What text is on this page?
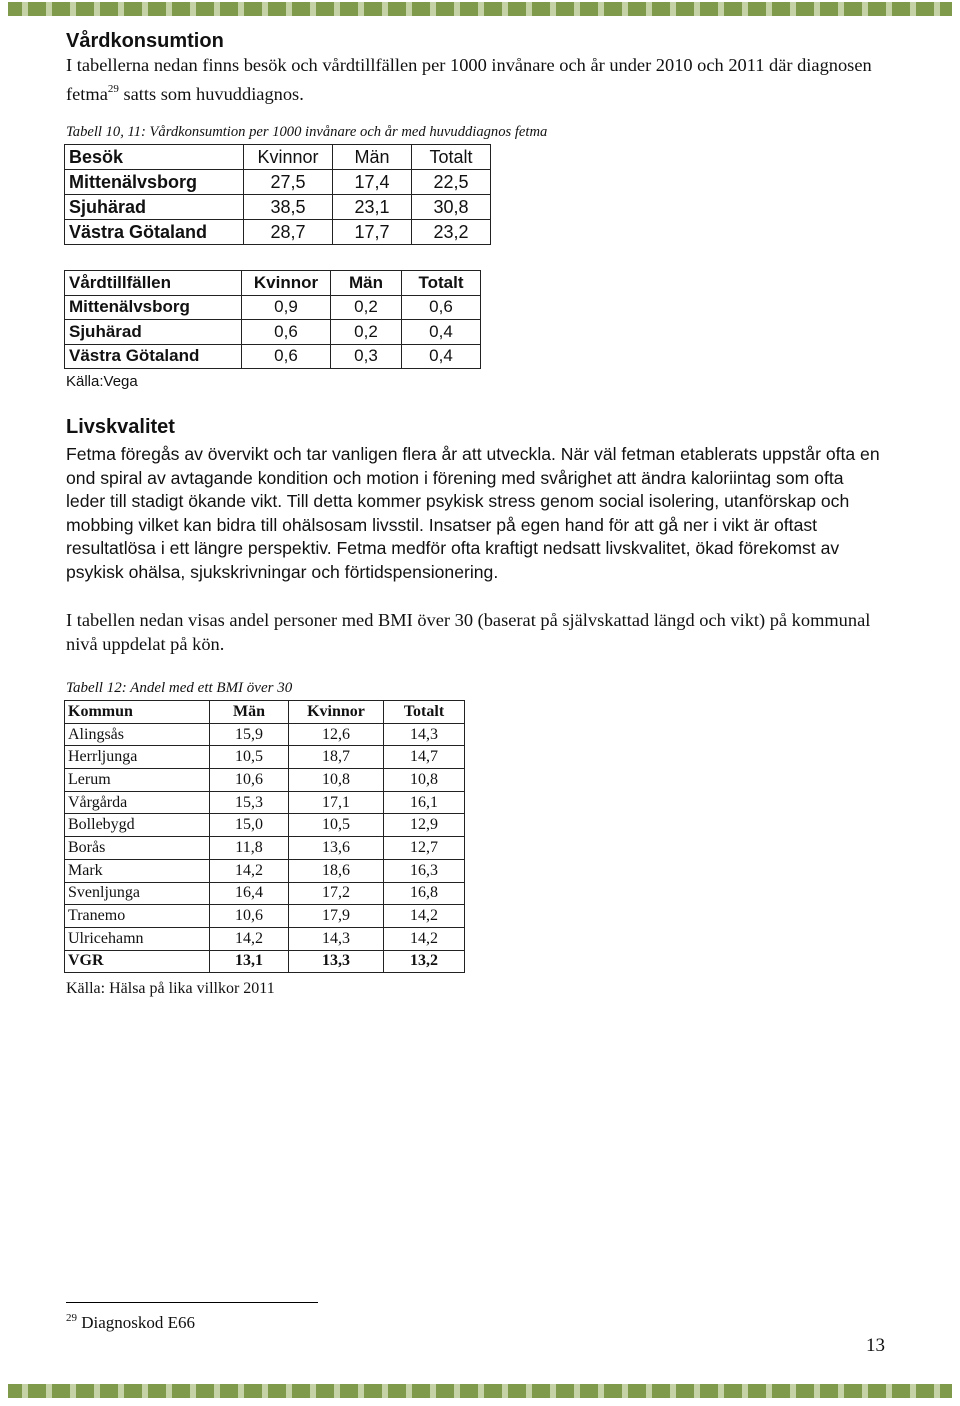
Vårdkonsumtion

I tabellerna nedan finns besök och vårdtillfällen per 1000 invånare och år under 2010 och 2011 där diagnosen fetma$^{29}$ satts som huvuddiagnos.

Tabell 10, 11: Vårdkonsumtion per 1000 invånare och år med huvuddiagnos fetma
Besök	Kvinnor	Män	Totalt
Mittenälvsborg	27,5	17,4	22,5
Sjuhärad	38,5	23,1	30,8
Västra Götaland	28,7	17,7	23,2
Vårdtillfällen	Kvinnor	Män	Totalt
Mittenälvsborg	0,9	0,2	0,6
Sjuhärad	0,6	0,2	0,4
Västra Götaland	0,6	0,3	0,4
Källa:Vega
Livskvalitet

Fetma föregås av övervikt och tar vanligen flera år att utveckla. När väl fetman etablerats uppstår ofta en ond spiral av avtagande kondition och motion i förening med svårighet att ändra kaloriintag som ofta leder till stadigt ökande vikt. Till detta kommer psykisk stress genom social isolering, utanförskap och mobbing vilket kan bidra till ohälsosam livsstil. Insatser på egen hand för att gå ner i vikt är oftast resultatlösa i ett längre perspektiv. Fetma medför ofta kraftigt nedsatt livskvalitet, ökad förekomst av psykisk ohälsa, sjukskrivningar och förtidspensionering.

I tabellen nedan visas andel personer med BMI över 30 (baserat på självskattad längd och vikt) på kommunal nivå uppdelat på kön.

Tabell 12: Andel med ett BMI över 30
Kommun	Män	Kvinnor	Totalt
Alingsås	15,9	12,6	14,3
Herrljunga	10,5	18,7	14,7
Lerum	10,6	10,8	10,8
Vårgårda	15,3	17,1	16,1
Bollebygd	15,0	10,5	12,9
Borås	11,8	13,6	12,7
Mark	14,2	18,6	16,3
Svenljunga	16,4	17,2	16,8
Tranemo	10,6	17,9	14,2
Ulricehamn	14,2	14,3	14,2
VGR	13,1	13,3	13,2
Källa: Hälsa på lika villkor 2011
$^{29}$ Diagnoskod E66
13
